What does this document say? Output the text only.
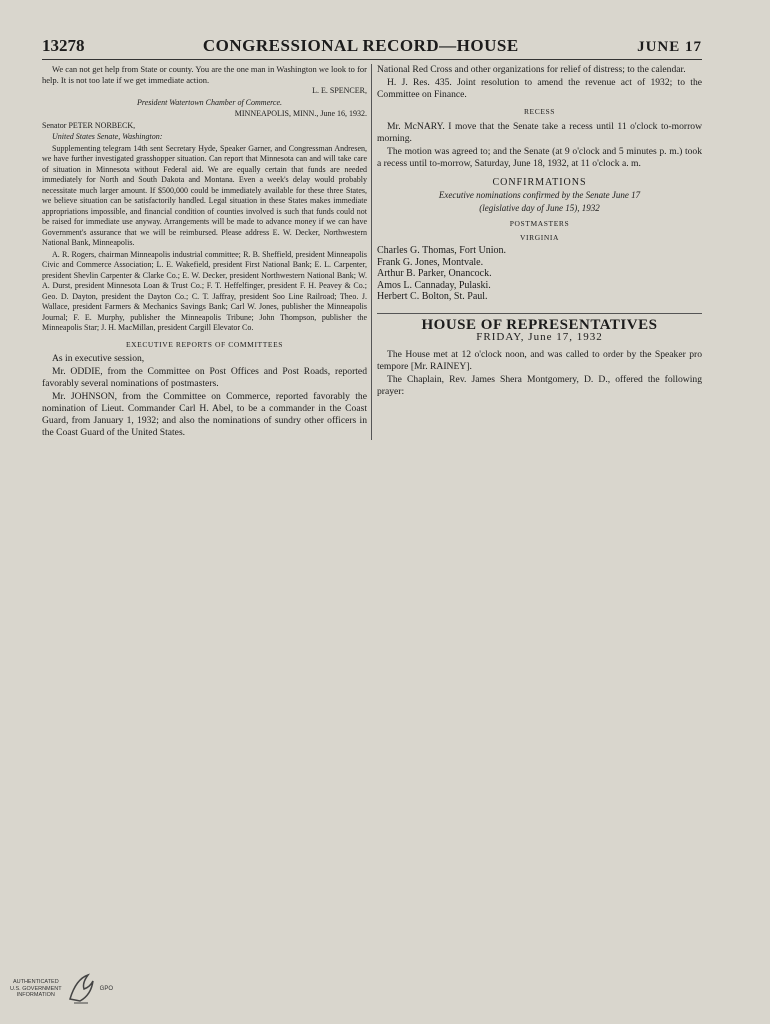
13278	CONGRESSIONAL RECORD—HOUSE	JUNE 17

We can not get help from State or county. You are the one man in Washington we look to for help. It is not too late if we get immediate action.

L. E. SPENCER,

President Watertown Chamber of Commerce.

MINNEAPOLIS, MINN., June 16, 1932.

Senator PETER NORBECK,

United States Senate, Washington:

Supplementing telegram 14th sent Secretary Hyde, Speaker Garner, and Congressman Andresen, we have further investigated grasshopper situation. Can report that Minnesota can and will take care of situation in Minnesota without Federal aid. We are equally certain that funds are needed immediately for North and South Dakota and Montana. Even a week's delay would probably necessitate much larger amount. If $500,000 could be immediately available for these three States, we believe situation can be satisfactorily handled. Legal situation in these States makes immediate appropriations impossible, and financial condition of counties involved is such that funds could not be raised for immediate use anyway. Arrangements will be made to advance money if we can have Government's assurance that we will be reimbursed. Please address E. W. Decker, Northwestern National Bank, Minneapolis.

A. R. Rogers, chairman Minneapolis industrial committee; R. B. Sheffield, president Minneapolis Civic and Commerce Association; L. E. Wakefield, president First National Bank; E. L. Carpenter, president Shevlin Carpenter & Clarke Co.; E. W. Decker, president Northwestern National Bank; W. A. Durst, president Minnesota Loan & Trust Co.; F. T. Heffelfinger, president F. H. Peavey & Co.; Geo. D. Dayton, president the Dayton Co.; C. T. Jaffray, president Soo Line Railroad; Theo. J. Wallace, president Farmers & Mechanics Savings Bank; Carl W. Jones, publisher the Minneapolis Journal; F. E. Murphy, publisher the Minneapolis Tribune; John Thompson, publisher the Minneapolis Star; J. H. MacMillan, president Cargill Elevator Co.

EXECUTIVE REPORTS OF COMMITTEES

As in executive session,

Mr. ODDIE, from the Committee on Post Offices and Post Roads, reported favorably several nominations of postmasters.

Mr. JOHNSON, from the Committee on Commerce, reported favorably the nomination of Lieut. Commander Carl H. Abel, to be a commander in the Coast Guard, from January 1, 1932; and also the nominations of sundry other officers in the Coast Guard of the United States.

National Red Cross and other organizations for relief of distress; to the calendar.

H. J. Res. 435. Joint resolution to amend the revenue act of 1932; to the Committee on Finance.

RECESS

Mr. McNARY. I move that the Senate take a recess until 11 o'clock to-morrow morning.

The motion was agreed to; and the Senate (at 9 o'clock and 5 minutes p. m.) took a recess until to-morrow, Saturday, June 18, 1932, at 11 o'clock a. m.

CONFIRMATIONS
Executive nominations confirmed by the Senate June 17
(legislative day of June 15), 1932
POSTMASTERS
VIRGINIA

Charles G. Thomas, Fort Union.

Frank G. Jones, Montvale.

Arthur B. Parker, Onancock.

Amos L. Cannaday, Pulaski.

Herbert C. Bolton, St. Paul.

HOUSE OF REPRESENTATIVES
FRIDAY, June 17, 1932

The House met at 12 o'clock noon, and was called to order by the Speaker pro tempore [Mr. RAINEY].

The Chaplain, Rev. James Shera Montgomery, D. D., offered the following prayer:

AUTHENTICATED
U.S. GOVERNMENT
INFORMATION
GPO
